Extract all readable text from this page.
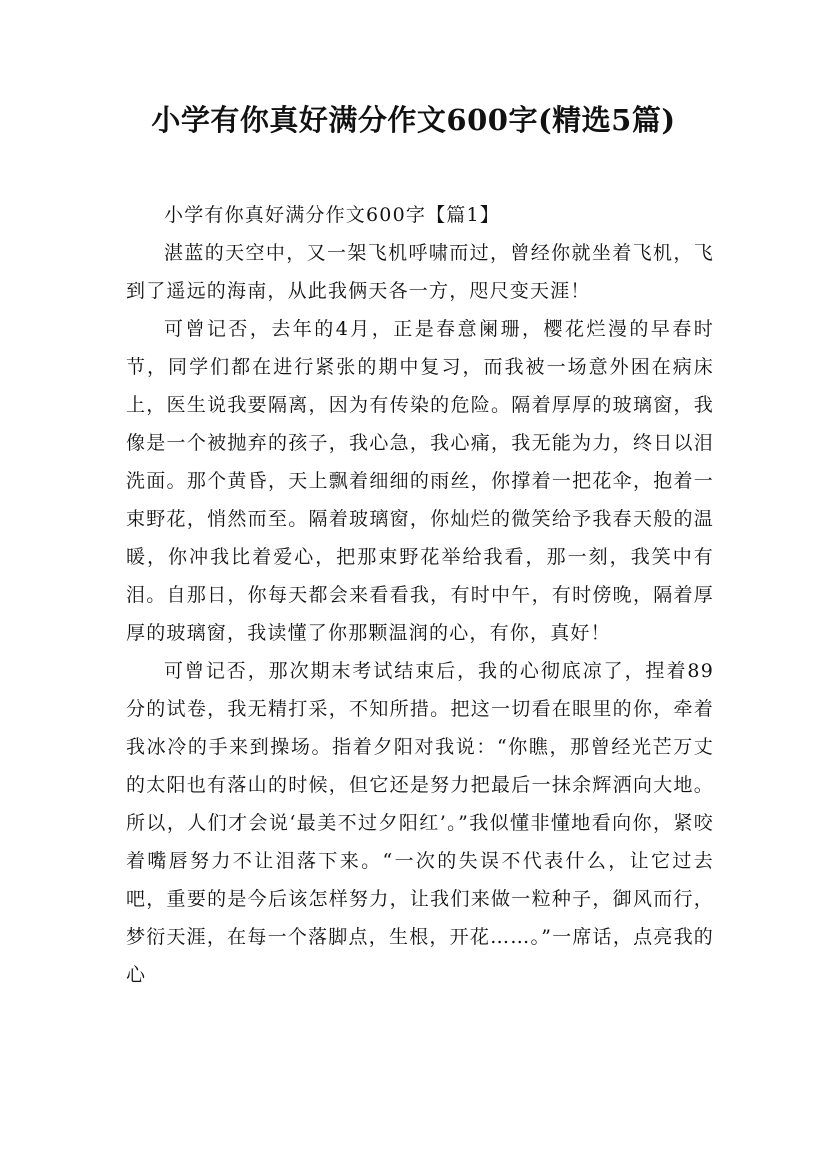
小学有你真好满分作文600字(精选5篇)

小学有你真好满分作文600字【篇1】

湛蓝的天空中，又一架飞机呼啸而过，曾经你就坐着飞机，飞到了遥远的海南，从此我俩天各一方，咫尺变天涯！

可曾记否，去年的4月，正是春意阑珊，樱花烂漫的早春时节，同学们都在进行紧张的期中复习，而我被一场意外困在病床上，医生说我要隔离，因为有传染的危险。隔着厚厚的玻璃窗，我像是一个被抛弃的孩子，我心急，我心痛，我无能为力，终日以泪洗面。那个黄昏，天上飘着细细的雨丝，你撑着一把花伞，抱着一束野花，悄然而至。隔着玻璃窗，你灿烂的微笑给予我春天般的温暖，你冲我比着爱心，把那束野花举给我看，那一刻，我笑中有泪。自那日，你每天都会来看看我，有时中午，有时傍晚，隔着厚厚的玻璃窗，我读懂了你那颗温润的心，有你，真好！

可曾记否，那次期末考试结束后，我的心彻底凉了，捏着89分的试卷，我无精打采，不知所措。把这一切看在眼里的你，牵着我冰冷的手来到操场。指着夕阳对我说：“你瞧，那曾经光芒万丈的太阳也有落山的时候，但它还是努力把最后一抹余辉洒向大地。所以，人们才会说‘最美不过夕阳红’。”我似懂非懂地看向你，紧咬着嘴唇努力不让泪落下来。“一次的失误不代表什么，让它过去吧，重要的是今后该怎样努力，让我们来做一粒种子，御风而行，梦衍天涯，在每一个落脚点，生根，开花……。”一席话，点亮我的心
